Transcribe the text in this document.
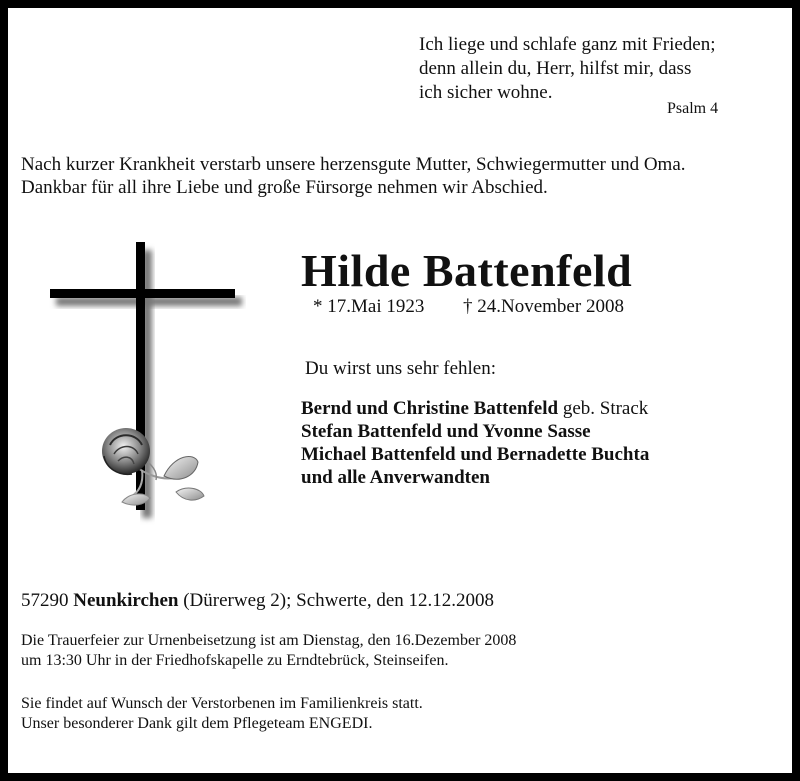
Ich liege und schlafe ganz mit Frieden;
denn allein du, Herr, hilfst mir, dass
ich sicher wohne.
Psalm 4
Nach kurzer Krankheit verstarb unsere herzensgute Mutter, Schwiegermutter und Oma.
Dankbar für all ihre Liebe und große Fürsorge nehmen wir Abschied.
Hilde Battenfeld
* 17.Mai 1923 † 24.November 2008
Du wirst uns sehr fehlen:
Bernd und Christine Battenfeld geb. Strack
Stefan Battenfeld und Yvonne Sasse
Michael Battenfeld und Bernadette Buchta
und alle Anverwandten
57290 Neunkirchen (Dürerweg 2); Schwerte, den 12.12.2008
Die Trauerfeier zur Urnenbeisetzung ist am Dienstag, den 16.Dezember 2008
um 13:30 Uhr in der Friedhofskapelle zu Erndtebrück, Steinseifen.
Sie findet auf Wunsch der Verstorbenen im Familienkreis statt.
Unser besonderer Dank gilt dem Pflegeteam ENGEDI.
